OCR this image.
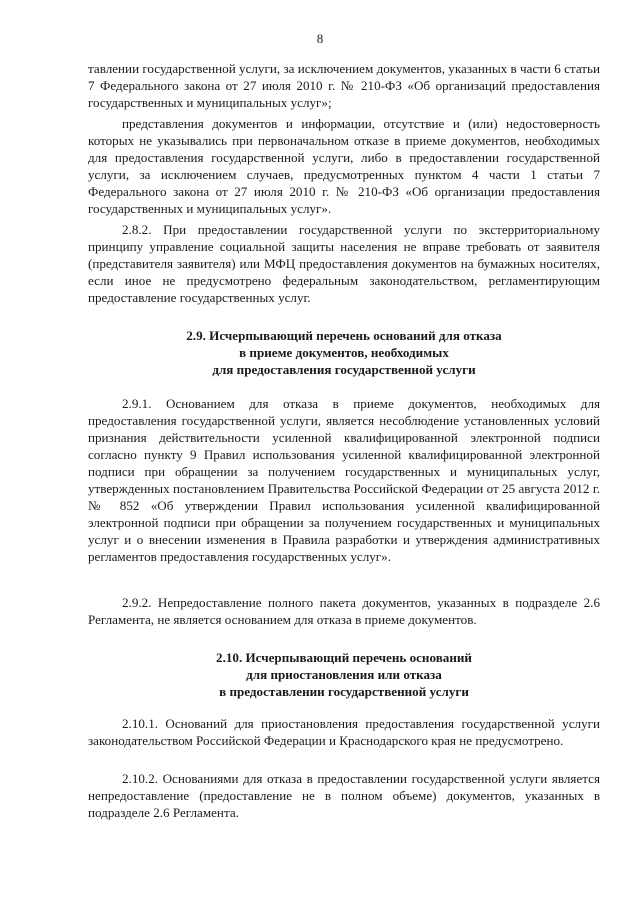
8

тавлении государственной услуги, за исключением документов, указанных в части 6 статьи 7 Федерального закона от 27 июля 2010 г. № 210-ФЗ «Об организаций предоставления государственных и муниципальных услуг»;

представления документов и информации, отсутствие и (или) недостоверность которых не указывались при первоначальном отказе в приеме документов, необходимых для предоставления государственной услуги, либо в предоставлении государственной услуги, за исключением случаев, предусмотренных пунктом 4 части 1 статьи 7 Федерального закона от 27 июля 2010 г. № 210-ФЗ «Об организации предоставления государственных и муниципальных услуг».

2.8.2. При предоставлении государственной услуги по экстерриториальному принципу управление социальной защиты населения не вправе требовать от заявителя (представителя заявителя) или МФЦ предоставления документов на бумажных носителях, если иное не предусмотрено федеральным законодательством, регламентирующим предоставление государственных услуг.

2.9. Исчерпывающий перечень оснований для отказа
в приеме документов, необходимых
для предоставления государственной услуги

2.9.1. Основанием для отказа в приеме документов, необходимых для предоставления государственной услуги, является несоблюдение установленных условий признания действительности усиленной квалифицированной электронной подписи согласно пункту 9 Правил использования усиленной квалифицированной электронной подписи при обращении за получением государственных и муниципальных услуг, утвержденных постановлением Правительства Российской Федерации от 25 августа 2012 г. № 852 «Об утверждении Правил использования усиленной квалифицированной электронной подписи при обращении за получением государственных и муниципальных услуг и о внесении изменения в Правила разработки и утверждения административных регламентов предоставления государственных услуг».

2.9.2. Непредоставление полного пакета документов, указанных в подразделе 2.6 Регламента, не является основанием для отказа в приеме документов.

2.10. Исчерпывающий перечень оснований
для приостановления или отказа
в предоставлении государственной услуги

2.10.1. Оснований для приостановления предоставления государственной услуги законодательством Российской Федерации и Краснодарского края не предусмотрено.

2.10.2. Основаниями для отказа в предоставлении государственной услуги является непредоставление (предоставление не в полном объеме) документов, указанных в подразделе 2.6 Регламента.
